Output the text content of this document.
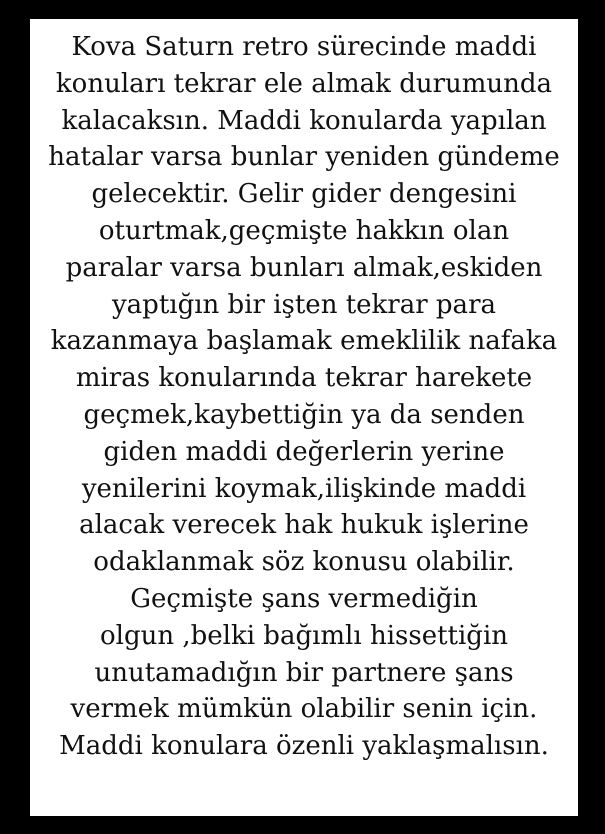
Kova Saturn retro sürecinde maddi
konuları tekrar ele almak durumunda
kalacaksın. Maddi konularda yapılan
hatalar varsa bunlar yeniden gündeme
gelecektir. Gelir gider dengesini
oturtmak,geçmişte hakkın olan
paralar varsa bunları almak,eskiden
yaptığın bir işten tekrar para
kazanmaya başlamak emeklilik nafaka
miras konularında tekrar harekete
geçmek,kaybettiğin ya da senden
giden maddi değerlerin yerine
yenilerini koymak,ilişkinde maddi
alacak verecek hak hukuk işlerine
odaklanmak söz konusu olabilir.
Geçmişte şans vermediğin
olgun ,belki bağımlı hissettiğin
unutamadığın bir partnere şans
vermek mümkün olabilir senin için.
Maddi konulara özenli yaklaşmalısın.
